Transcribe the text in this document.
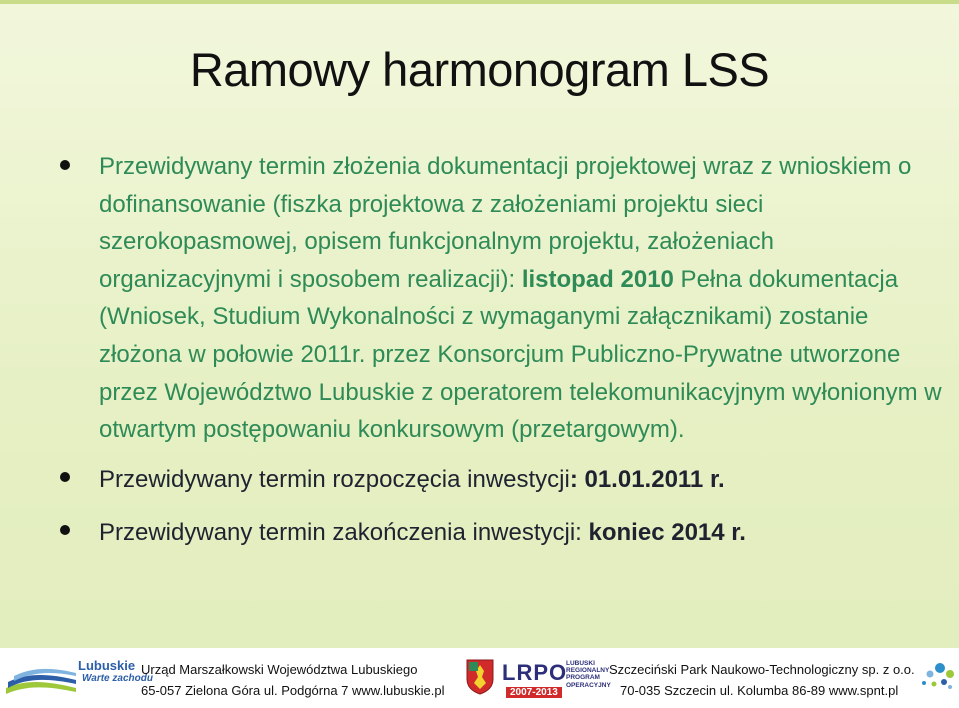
Ramowy harmonogram LSS

Przewidywany termin złożenia dokumentacji projektowej wraz z wnioskiem o dofinansowanie (fiszka projektowa z założeniami projektu sieci szerokopasmowej, opisem funkcjonalnym projektu, założeniach organizacyjnymi i sposobem realizacji): listopad 2010 Pełna dokumentacja (Wniosek, Studium Wykonalności z wymaganymi załącznikami) zostanie złożona w połowie 2011r. przez Konsorcjum Publiczno-Prywatne utworzone przez Województwo Lubuskie z operatorem telekomunikacyjnym wyłonionym w otwartym postępowaniu konkursowym (przetargowym).

Przewidywany termin rozpoczęcia inwestycji: 01.01.2011 r.

Przewidywany termin zakończenia inwestycji: koniec 2014 r.

Lubuskie
Warte zachodu
Urząd Marszałkowski Województwa Lubuskiego
65-057 Zielona Góra ul. Podgórna 7 www.lubuskie.pl
LRPO
2007-2013
LUBUSKI REGIONALNY PROGRAM OPERACYJNY
Szczeciński Park Naukowo-Technologiczny sp. z o.o.
70-035 Szczecin ul. Kolumba 86-89 www.spnt.pl
